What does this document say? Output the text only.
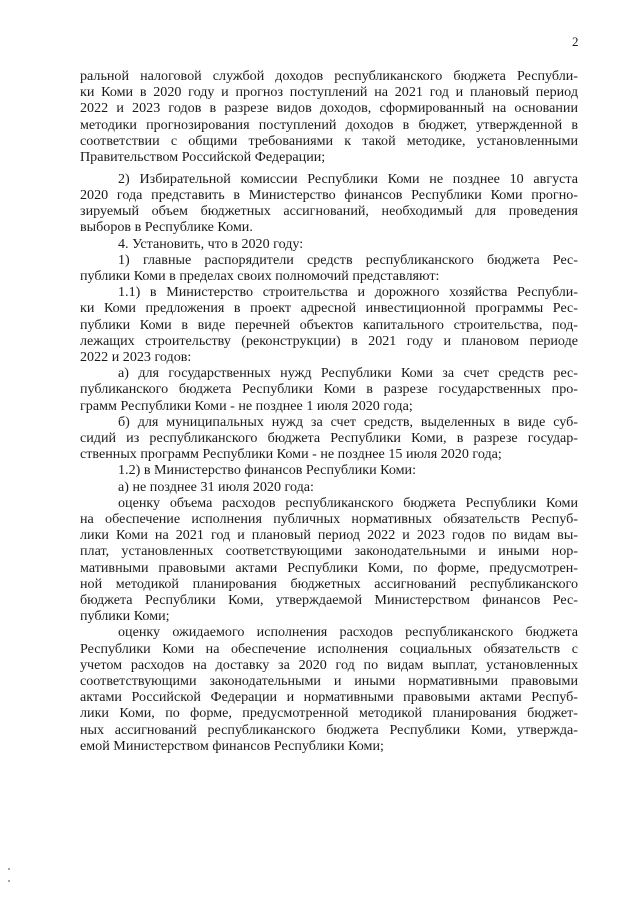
2
ральной налоговой службой доходов республиканского бюджета Республи-
ки Коми в 2020 году и прогноз поступлений на 2021 год и плановый период
2022 и 2023 годов в разрезе видов доходов, сформированный на основании
методики прогнозирования поступлений доходов в бюджет, утвержденной в
соответствии с общими требованиями к такой методике, установленными
Правительством Российской Федерации;
2) Избирательной комиссии Республики Коми не позднее 10 августа
2020 года представить в Министерство финансов Республики Коми прогно-
зируемый объем бюджетных ассигнований, необходимый для проведения
выборов в Республике Коми.
4. Установить, что в 2020 году:
1) главные распорядители средств республиканского бюджета Рес-
публики Коми в пределах своих полномочий представляют:
1.1) в Министерство строительства и дорожного хозяйства Республи-
ки Коми предложения в проект адресной инвестиционной программы Рес-
публики Коми в виде перечней объектов капитального строительства, под-
лежащих строительству (реконструкции) в 2021 году и плановом периоде
2022 и 2023 годов:
а) для государственных нужд Республики Коми за счет средств рес-
публиканского бюджета Республики Коми в разрезе государственных про-
грамм Республики Коми - не позднее 1 июля 2020 года;
б) для муниципальных нужд за счет средств, выделенных в виде суб-
сидий из республиканского бюджета Республики Коми, в разрезе государ-
ственных программ Республики Коми - не позднее 15 июля 2020 года;
1.2) в Министерство финансов Республики Коми:
а) не позднее 31 июля 2020 года:
оценку объема расходов республиканского бюджета Республики Коми
на обеспечение исполнения публичных нормативных обязательств Респуб-
лики Коми на 2021 год и плановый период 2022 и 2023 годов по видам вы-
плат, установленных соответствующими законодательными и иными нор-
мативными правовыми актами Республики Коми, по форме, предусмотрен-
ной методикой планирования бюджетных ассигнований республиканского
бюджета Республики Коми, утверждаемой Министерством финансов Рес-
публики Коми;
оценку ожидаемого исполнения расходов республиканского бюджета
Республики Коми на обеспечение исполнения социальных обязательств с
учетом расходов на доставку за 2020 год по видам выплат, установленных
соответствующими законодательными и иными нормативными правовыми
актами Российской Федерации и нормативными правовыми актами Респуб-
лики Коми, по форме, предусмотренной методикой планирования бюджет-
ных ассигнований республиканского бюджета Республики Коми, утвержда-
емой Министерством финансов Республики Коми;
